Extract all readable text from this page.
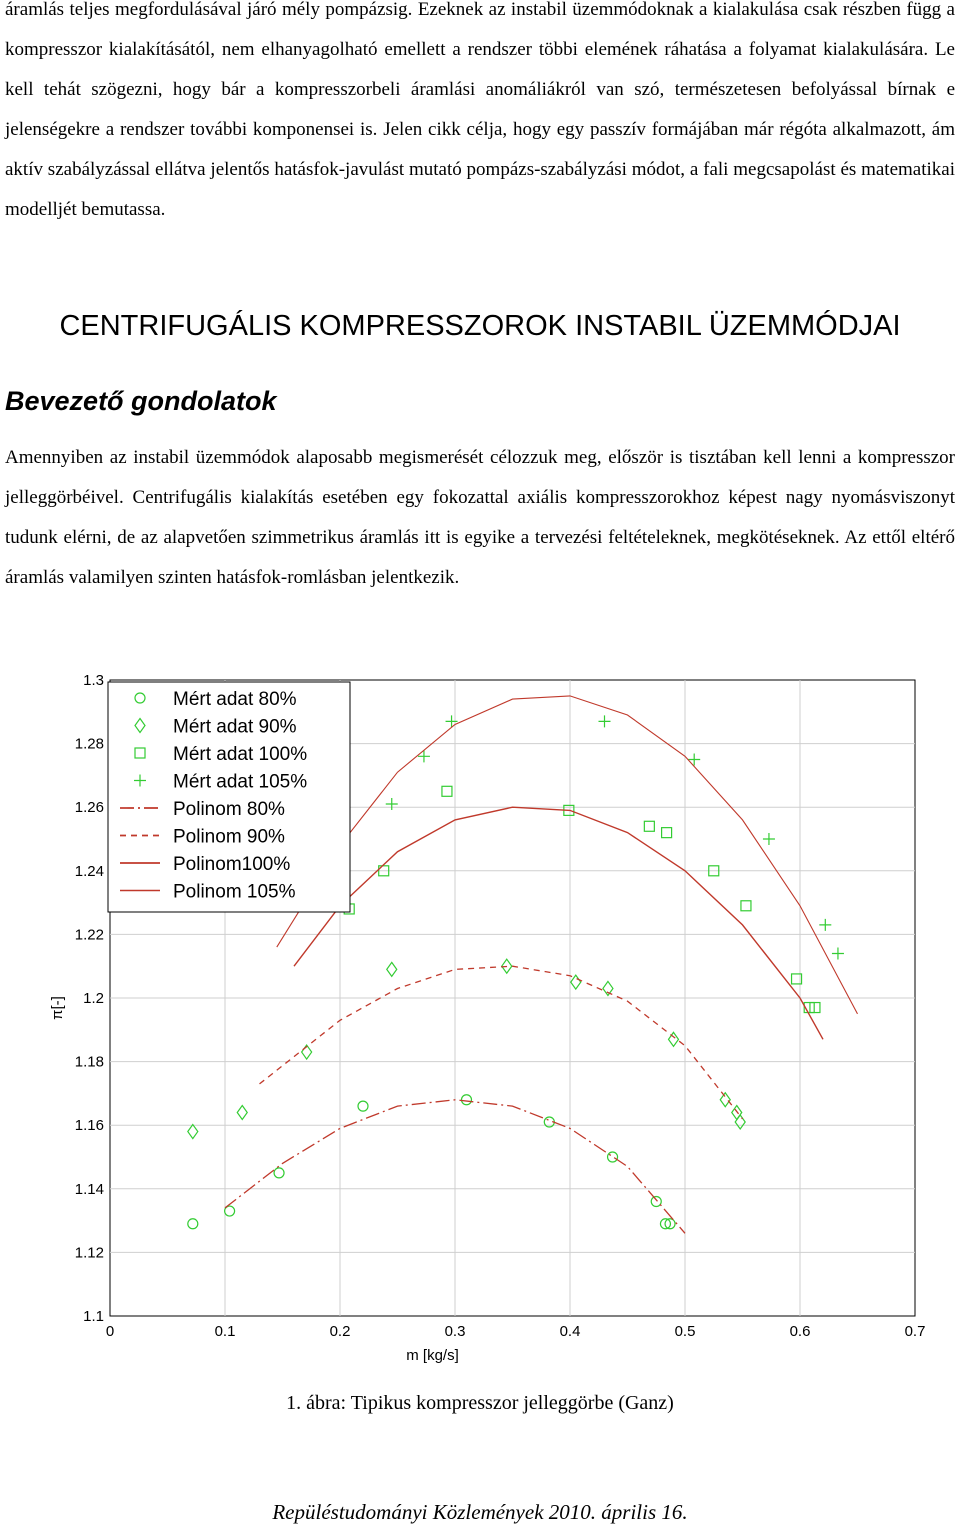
áramlás teljes megfordulásával járó mély pompázsig. Ezeknek az instabil üzemmódoknak a kialakulása csak részben függ a kompresszor kialakításától, nem elhanyagolható emellett a rendszer többi elemének ráhatása a folyamat kialakulására. Le kell tehát szögezni, hogy bár a kompresszorbeli áramlási anomáliákról van szó, természetesen befolyással bírnak e jelenségekre a rendszer további komponensei is. Jelen cikk célja, hogy egy passzív formájában már régóta alkalmazott, ám aktív szabályzással ellátva jelentős hatásfok-javulást mutató pompázs-szabályzási módot, a fali megcsapolást és matematikai modelljét bemutassa.

CENTRIFUGÁLIS KOMPRESSZOROK INSTABIL ÜZEMMÓDJAI
Bevezető gondolatok

Amennyiben az instabil üzemmódok alaposabb megismerését célozzuk meg, először is tisztában kell lenni a kompresszor jelleggörbéivel. Centrifugális kialakítás esetében egy fokozattal axiális kompresszorokhoz képest nagy nyomásviszonyt tudunk elérni, de az alapvetően szimmetrikus áramlás itt is egyike a tervezési feltételeknek, megkötéseknek. Az ettől eltérő áramlás valamilyen szinten hatásfok-romlásban jelentkezik.

0	0.1	0.2	0.3	0.4	0.5	0.6	0.7
1.1
1.12
1.14
1.16
1.18
1.2
1.22
1.24
1.26
1.28
1.3
m [kg/s]
π[-]
Mért adat 80%
Mért adat 90%
Mért adat 100%
Mért adat 105%
Polinom 80%
Polinom 90%
Polinom100%
Polinom 105%

1. ábra: Tipikus kompresszor jelleggörbe (Ganz)

Repüléstudományi Közlemények 2010. április 16.
